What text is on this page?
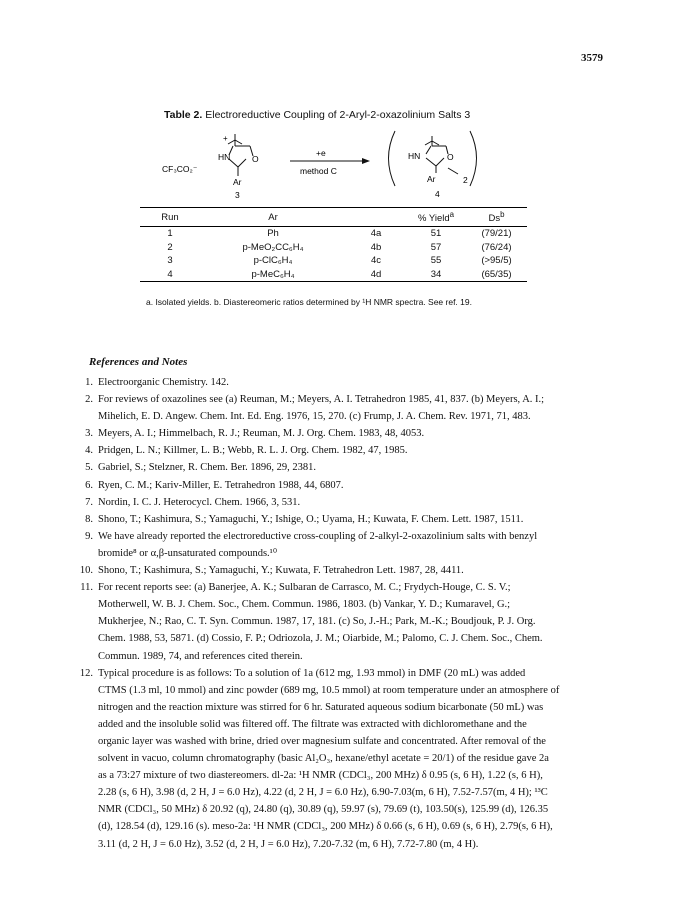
3579
Table 2. Electroreductive Coupling of 2-Aryl-2-oxazolinium Salts 3
+
HN	O
CF₃CO₂⁻
Ar
3
+e
method C
HN	O
Ar	2
4
Run	Ar		% Yield$^a$	Ds$^b$
1	Ph	4a	51	(79/21)
2	p-MeO₂CC₆H₄	4b	57	(76/24)
3	p-ClC₆H₄	4c	55	(>95/5)
4	p-MeC₆H₄	4d	34	(65/35)
a. Isolated yields. b. Diastereomeric ratios determined by ¹H NMR spectra. See ref. 19.
References and Notes
1. Electroorganic Chemistry. 142.
2. For reviews of oxazolines see (a) Reuman, M.; Meyers, A. I. Tetrahedron 1985, 41, 837. (b) Meyers, A. I.;
Mihelich, E. D. Angew. Chem. Int. Ed. Eng. 1976, 15, 270. (c) Frump, J. A. Chem. Rev. 1971, 71, 483.
3. Meyers, A. I.; Himmelbach, R. J.; Reuman, M. J. Org. Chem. 1983, 48, 4053.
4. Pridgen, L. N.; Killmer, L. B.; Webb, R. L. J. Org. Chem. 1982, 47, 1985.
5. Gabriel, S.; Stelzner, R. Chem. Ber. 1896, 29, 2381.
6. Ryen, C. M.; Kariv-Miller, E. Tetrahedron 1988, 44, 6807.
7. Nordin, I. C. J. Heterocycl. Chem. 1966, 3, 531.
8. Shono, T.; Kashimura, S.; Yamaguchi, Y.; Ishige, O.; Uyama, H.; Kuwata, F. Chem. Lett. 1987, 1511.
9. We have already reported the electroreductive cross-coupling of 2-alkyl-2-oxazolinium salts with benzyl
bromide⁸ or α,β-unsaturated compounds.¹⁰
10. Shono, T.; Kashimura, S.; Yamaguchi, Y.; Kuwata, F. Tetrahedron Lett. 1987, 28, 4411.
11. For recent reports see: (a) Banerjee, A. K.; Sulbaran de Carrasco, M. C.; Frydych-Houge, C. S. V.;
Motherwell, W. B. J. Chem. Soc., Chem. Commun. 1986, 1803. (b) Vankar, Y. D.; Kumaravel, G.;
Mukherjee, N.; Rao, C. T. Syn. Commun. 1987, 17, 181. (c) So, J.-H.; Park, M.-K.; Boudjouk, P. J. Org.
Chem. 1988, 53, 5871. (d) Cossio, F. P.; Odriozola, J. M.; Oiarbide, M.; Palomo, C. J. Chem. Soc., Chem.
Commun. 1989, 74, and references cited therein.
12. Typical procedure is as follows: To a solution of 1a (612 mg, 1.93 mmol) in DMF (20 mL) was added
CTMS (1.3 ml, 10 mmol) and zinc powder (689 mg, 10.5 mmol) at room temperature under an atmosphere of
nitrogen and the reaction mixture was stirred for 6 hr. Saturated aqueous sodium bicarbonate (50 mL) was
added and the insoluble solid was filtered off. The filtrate was extracted with dichloromethane and the
organic layer was washed with brine, dried over magnesium sulfate and concentrated. After removal of the
solvent in vacuo, column chromatography (basic Al₂O₃, hexane/ethyl acetate = 20/1) of the residue gave 2a
as a 73:27 mixture of two diastereomers. dl-2a: ¹H NMR (CDCl₃, 200 MHz) δ 0.95 (s, 6 H), 1.22 (s, 6 H),
2.28 (s, 6 H), 3.98 (d, 2 H, J = 6.0 Hz), 4.22 (d, 2 H, J = 6.0 Hz), 6.90-7.03(m, 6 H), 7.52-7.57(m, 4 H); ¹³C
NMR (CDCl₃, 50 MHz) δ 20.92 (q), 24.80 (q), 30.89 (q), 59.97 (s), 79.69 (t), 103.50(s), 125.99 (d), 126.35
(d), 128.54 (d), 129.16 (s). meso-2a: ¹H NMR (CDCl₃, 200 MHz) δ 0.66 (s, 6 H), 0.69 (s, 6 H), 2.79(s, 6 H),
3.11 (d, 2 H, J = 6.0 Hz), 3.52 (d, 2 H, J = 6.0 Hz), 7.20-7.32 (m, 6 H), 7.72-7.80 (m, 4 H).
